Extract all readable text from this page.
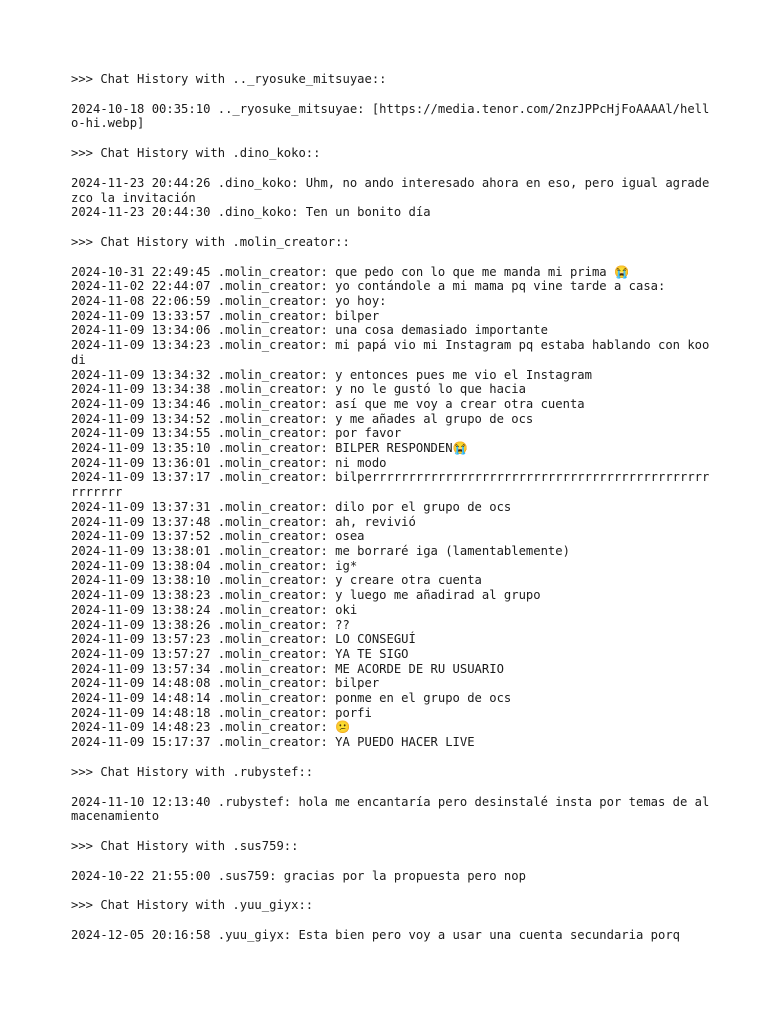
>>> Chat History with .._ryosuke_mitsuyae::
2024-10-18 00:35:10 .._ryosuke_mitsuyae: [https://media.tenor.com/2nzJPPcHjFoAAAAl/hello-hi.webp]
>>> Chat History with .dino_koko::
2024-11-23 20:44:26 .dino_koko: Uhm, no ando interesado ahora en eso, pero igual agradezco la invitación
2024-11-23 20:44:30 .dino_koko: Ten un bonito día
>>> Chat History with .molin_creator::
2024-10-31 22:49:45 .molin_creator: que pedo con lo que me manda mi prima 😭
2024-11-02 22:44:07 .molin_creator: yo contándole a mi mama pq vine tarde a casa:
2024-11-08 22:06:59 .molin_creator: yo hoy:
2024-11-09 13:33:57 .molin_creator: bilper
2024-11-09 13:34:06 .molin_creator: una cosa demasiado importante
2024-11-09 13:34:23 .molin_creator: mi papá vio mi Instagram pq estaba hablando con koodi
2024-11-09 13:34:32 .molin_creator: y entonces pues me vio el Instagram
2024-11-09 13:34:38 .molin_creator: y no le gustó lo que hacia
2024-11-09 13:34:46 .molin_creator: así que me voy a crear otra cuenta
2024-11-09 13:34:52 .molin_creator: y me añades al grupo de ocs
2024-11-09 13:34:55 .molin_creator: por favor
2024-11-09 13:35:10 .molin_creator: BILPER RESPONDEN😭
2024-11-09 13:36:01 .molin_creator: ni modo
2024-11-09 13:37:17 .molin_creator: bilperrrrrrrrrrrrrrrrrrrrrrrrrrrrrrrrrrrrrrrrrrrrrrrrrrrrr
2024-11-09 13:37:31 .molin_creator: dilo por el grupo de ocs
2024-11-09 13:37:48 .molin_creator: ah, revivió
2024-11-09 13:37:52 .molin_creator: osea
2024-11-09 13:38:01 .molin_creator: me borraré iga (lamentablemente)
2024-11-09 13:38:04 .molin_creator: ig*
2024-11-09 13:38:10 .molin_creator: y creare otra cuenta
2024-11-09 13:38:23 .molin_creator: y luego me añadirad al grupo
2024-11-09 13:38:24 .molin_creator: oki
2024-11-09 13:38:26 .molin_creator: ??
2024-11-09 13:57:23 .molin_creator: LO CONSEGUÍ
2024-11-09 13:57:27 .molin_creator: YA TE SIGO
2024-11-09 13:57:34 .molin_creator: ME ACORDE DE RU USUARIO
2024-11-09 14:48:08 .molin_creator: bilper
2024-11-09 14:48:14 .molin_creator: ponme en el grupo de ocs
2024-11-09 14:48:18 .molin_creator: porfi
2024-11-09 14:48:23 .molin_creator: 😕
2024-11-09 15:17:37 .molin_creator: YA PUEDO HACER LIVE
>>> Chat History with .rubystef::
2024-11-10 12:13:40 .rubystef: hola me encantaría pero desinstalé insta por temas de almacenamiento
>>> Chat History with .sus759::
2024-10-22 21:55:00 .sus759: gracias por la propuesta pero nop
>>> Chat History with .yuu_giyx::
2024-12-05 20:16:58 .yuu_giyx: Esta bien pero voy a usar una cuenta secundaria porq
